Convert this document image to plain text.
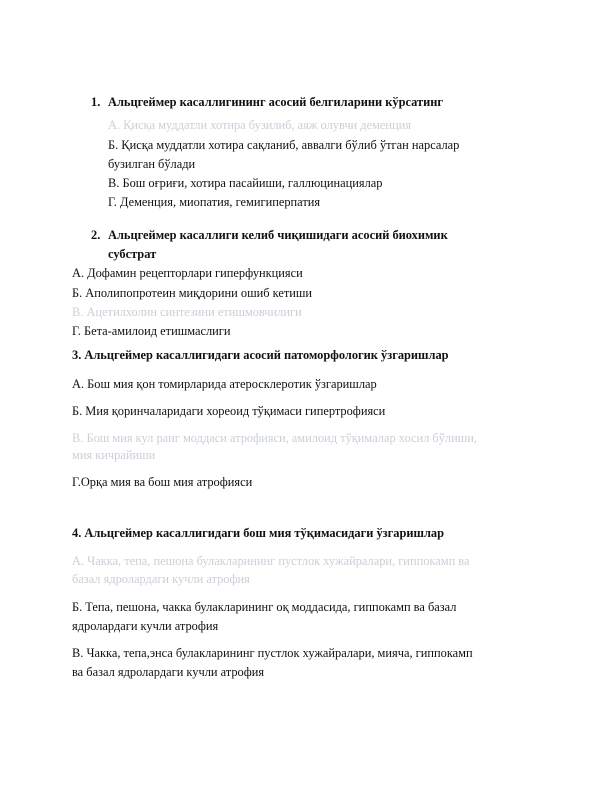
1. Альцгеймер касаллигининг асосий белгиларини кўрсатинг
А. Қисқа муддатли хотира бузилиб, аяж олувчи деменция
Б. Қисқа муддатли хотира сақланиб, аввалги бўлиб ўтган нарсалар
бузилган бўлади
В. Бош оғриғи, хотира пасайиши, галлюцинациялар
Г. Деменция, миопатия, гемигиперпатия
2. Альцгеймер касаллиги келиб чиқишидаги асосий биохимик
субстрат
А. Дофамин рецепторлари гиперфункцияси
Б. Аполипопротеин миқдорини ошиб кетиши
В. Ацетилхолин синтезини етишмовчилиги
Г. Бета-амилоид етишмаслиги
3. Альцгеймер касаллигидаги асосий патоморфологик ўзгаришлар
А. Бош мия қон томирларида атеросклеротик ўзгаришлар
Б. Мия қоринчаларидаги хореоид тўқимаси гипертрофияси
В. Бош мия кул ранг моддаси атрофияси, амилоид тўқималар хосил бўлиши,
мия кичрайиши
Г.Орқа мия ва бош мия атрофияси
4. Альцгеймер касаллигидаги бош мия тўқимасидаги ўзгаришлар
А. Чакка, тепа, пешона булакларининг пустлок хужайралари, гиппокамп ва
базал ядролардаги кучли атрофия
Б. Тепа, пешона, чакка булакларининг оқ моддасида, гиппокамп ва базал
ядролардаги кучли атрофия
В. Чакка, тепа,энса булакларининг пустлок хужайралари, мияча, гиппокамп
ва базал ядролардаги кучли атрофия
